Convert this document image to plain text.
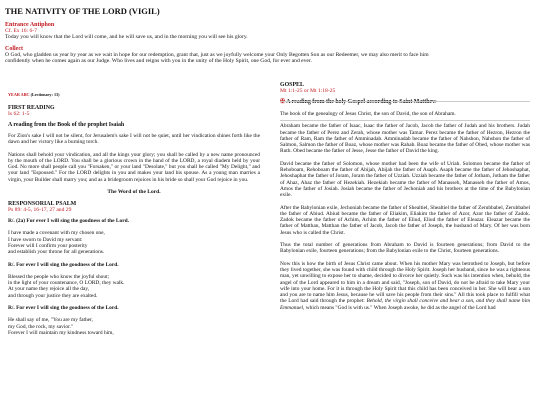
THE NATIVITY OF THE LORD (VIGIL)
Entrance Antiphon
Cf. Ex 16: 6-7
Today you will know that the Lord will come, and he will save us, and in the morning you will see his glory.
Collect
O God, who gladden us year by year as we wait in hope for our redemption, grant that, just as we joyfully welcome your Only Begotten Son as our Redeemer, we may also merit to face him
confidently when he comes again as our Judge. Who lives and reigns with you in the unity of the Holy Spirit, one God, for ever and ever.
YEAR ABC (Lectionary: 13)
FIRST READING
Is 62: 1-5
A reading from the Book of the prophet Isaiah
For Zion's sake I will not be silent, for Jerusalem's sake I will not be quiet, until her vindication shines forth like the dawn and her victory like a burning torch.
Nations shall behold your vindication, and all the kings your glory; you shall be called by a new name pronounced by the mouth of the LORD. You shall be a glorious crown in the hand of the LORD, a royal diadem held by your God. No more shall people call you "Forsaken," or your land "Desolate," but you shall be called "My Delight," and your land "Espoused." For the LORD delights in you and makes your land his spouse. As a young man marries a virgin, your Builder shall marry you; and as a bridegroom rejoices in his bride so shall your God rejoice in you.
The Word of the Lord.
RESPONSORIAL PSALM
Ps 89: 4-5, 16-17, 27 and 29
R/. (2a) For ever I will sing the goodness of the Lord.
I have made a covenant with my chosen one,
I have sworn to David my servant:
Forever will I confirm your posterity
and establish your throne for all generations.
R/. For ever I will sing the goodness of the Lord.
Blessed the people who know the joyful shout;
in the light of your countenance, O LORD, they walk.
At your name they rejoice all the day,
and through your justice they are exalted.
R/. For ever I will sing the goodness of the Lord.
He shall say of me, "You are my father,
my God, the rock, my savior."
Forever I will maintain my kindness toward him,
GOSPEL
Mt 1:1-25 or Mt 1:18-25
✠ A reading from the holy Gospel according to Saint Matthew
The book of the genealogy of Jesus Christ, the son of David, the son of Abraham.
Abraham became the father of Isaac, Isaac the father of Jacob, Jacob the father of Judah and his brothers. Judah became the father of Perez and Zerah, whose mother was Tamar. Perez became the father of Hezron, Hezron the father of Ram, Ram the father of Amminadab. Amminadab became the father of Nahshon, Nahshon the father of Salmon, Salmon the father of Boaz, whose mother was Rahab. Boaz became the father of Obed, whose mother was Ruth. Obed became the father of Jesse, Jesse the father of David the king.
David became the father of Solomon, whose mother had been the wife of Uriah. Solomon became the father of Rehoboam, Rehoboam the father of Abijah, Abijah the father of Asaph. Asaph became the father of Jehoshaphat, Jehoshaphat the father of Joram, Joram the father of Uzziah. Uzziah became the father of Jotham, Jotham the father of Ahaz, Ahaz the father of Hezekiah. Hezekiah became the father of Manasseh, Manasseh the father of Amos, Amos the father of Josiah. Josiah became the father of Jechoniah and his brothers at the time of the Babylonian exile.
After the Babylonian exile, Jechoniah became the father of Shealtiel, Shealtiel the father of Zerubbabel, Zerubbabel the father of Abiud. Abiud became the father of Eliakim, Eliakim the father of Azor, Azor the father of Zadok. Zadok became the father of Achim, Achim the father of Eliud, Eliud the father of Eleazar. Eleazar became the father of Matthan, Matthan the father of Jacob, Jacob the father of Joseph, the husband of Mary. Of her was born Jesus who is called the Christ.
Thus the total number of generations from Abraham to David is fourteen generations; from David to the Babylonian exile, fourteen generations; from the Babylonian exile to the Christ, fourteen generations.
Now this is how the birth of Jesus Christ came about. When his mother Mary was betrothed to Joseph, but before they lived together, she was found with child through the Holy Spirit. Joseph her husband, since he was a righteous man, yet unwilling to expose her to shame, decided to divorce her quietly. Such was his intention when, behold, the angel of the Lord appeared to him in a dream and said, "Joseph, son of David, do not be afraid to take Mary your wife into your home. For it is through the Holy Spirit that this child has been conceived in her. She will bear a son and you are to name him Jesus, because he will save his people from their sins." All this took place to fulfill what the Lord had said through the prophet: Behold, the virgin shall conceive and bear a son, and they shall name him Emmanuel, which means "God is with us." When Joseph awoke, he did as the angel of the Lord had
